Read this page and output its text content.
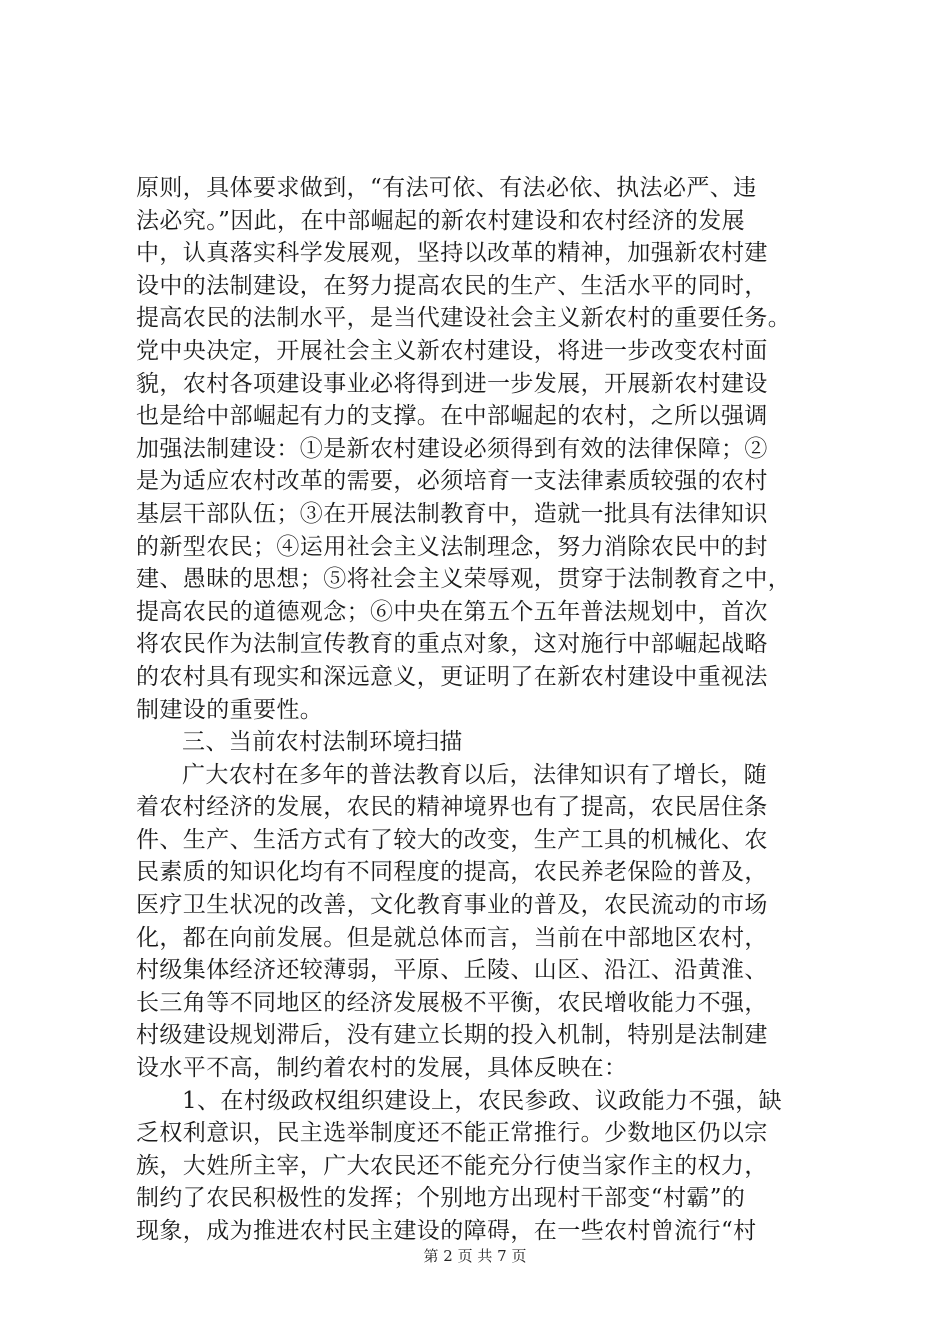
原则，具体要求做到，“有法可依、有法必依、执法必严、违
法必究。”因此，在中部崛起的新农村建设和农村经济的发展
中，认真落实科学发展观，坚持以改革的精神，加强新农村建
设中的法制建设，在努力提高农民的生产、生活水平的同时，
提高农民的法制水平，是当代建设社会主义新农村的重要任务。
党中央决定，开展社会主义新农村建设，将进一步改变农村面
貌，农村各项建设事业必将得到进一步发展，开展新农村建设
也是给中部崛起有力的支撑。在中部崛起的农村，之所以强调
加强法制建设：①是新农村建设必须得到有效的法律保障；②
是为适应农村改革的需要，必须培育一支法律素质较强的农村
基层干部队伍；③在开展法制教育中，造就一批具有法律知识
的新型农民；④运用社会主义法制理念，努力消除农民中的封
建、愚昧的思想；⑤将社会主义荣辱观，贯穿于法制教育之中，
提高农民的道德观念；⑥中央在第五个五年普法规划中，首次
将农民作为法制宣传教育的重点对象，这对施行中部崛起战略
的农村具有现实和深远意义，更证明了在新农村建设中重视法
制建设的重要性。
三、当前农村法制环境扫描
广大农村在多年的普法教育以后，法律知识有了增长，随
着农村经济的发展，农民的精神境界也有了提高，农民居住条
件、生产、生活方式有了较大的改变，生产工具的机械化、农
民素质的知识化均有不同程度的提高，农民养老保险的普及，
医疗卫生状况的改善，文化教育事业的普及，农民流动的市场
化，都在向前发展。但是就总体而言，当前在中部地区农村，
村级集体经济还较薄弱，平原、丘陵、山区、沿江、沿黄淮、
长三角等不同地区的经济发展极不平衡，农民增收能力不强，
村级建设规划滞后，没有建立长期的投入机制，特别是法制建
设水平不高，制约着农村的发展，具体反映在：
1、在村级政权组织建设上，农民参政、议政能力不强，缺
乏权利意识，民主选举制度还不能正常推行。少数地区仍以宗
族，大姓所主宰，广大农民还不能充分行使当家作主的权力，
制约了农民积极性的发挥；个别地方出现村干部变“村霸”的
现象，成为推进农村民主建设的障碍，在一些农村曾流行“村
第 2 页 共 7 页
